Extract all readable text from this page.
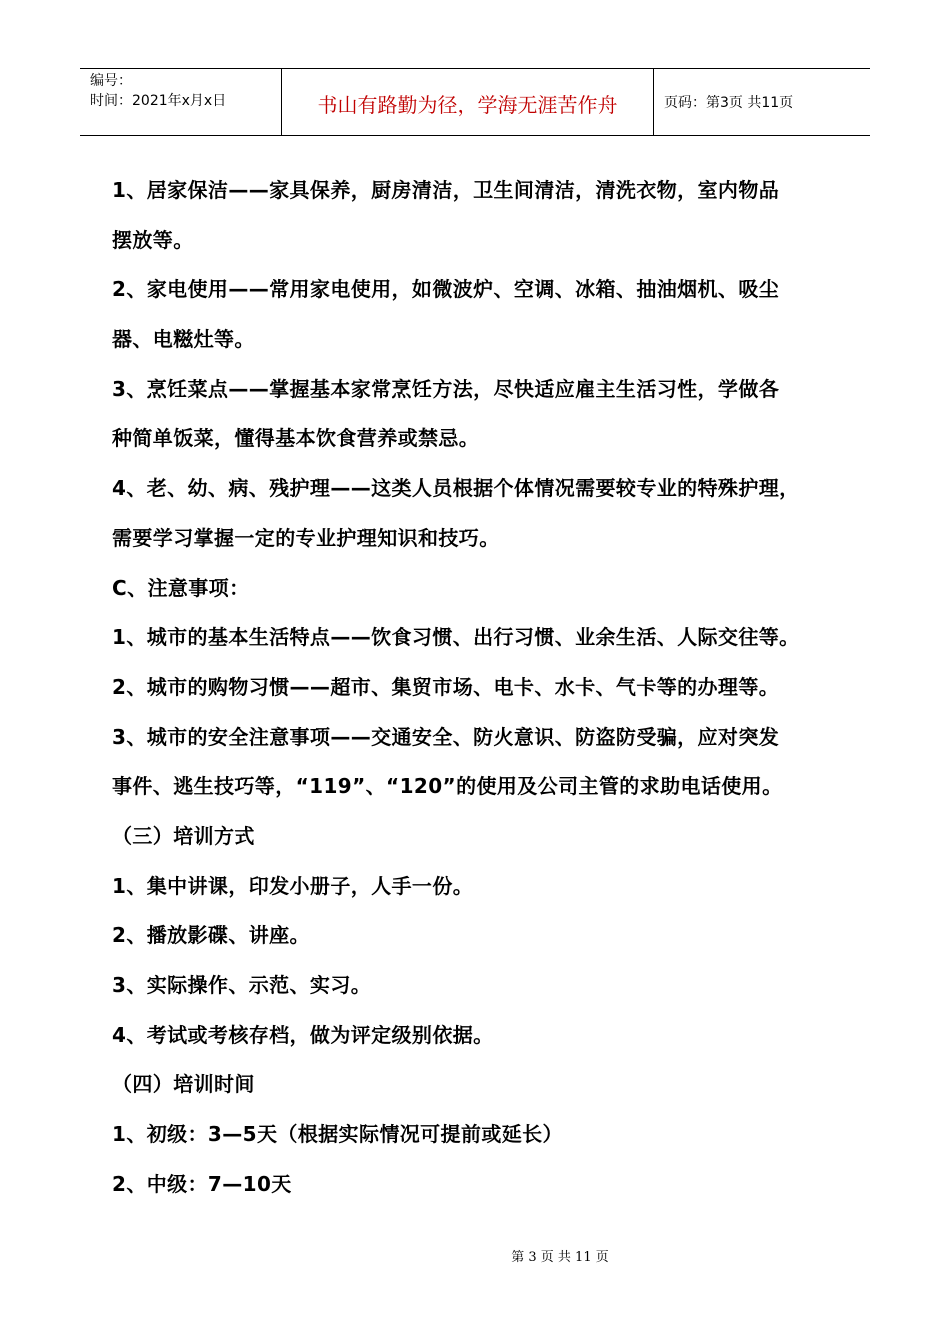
编号：
时间：2021年x月x日	书山有路勤为径，学海无涯苦作舟	页码：第3页 共11页
1、居家保洁——家具保养，厨房清洁，卫生间清洁，清洗衣物，室内物品
摆放等。
2、家电使用——常用家电使用，如微波炉、空调、冰箱、抽油烟机、吸尘
器、电糍灶等。
3、烹饪菜点——掌握基本家常烹饪方法，尽快适应雇主生活习性，学做各
种简单饭菜，懂得基本饮食营养或禁忌。
4、老、幼、病、残护理——这类人员根据个体情况需要较专业的特殊护理，
需要学习掌握一定的专业护理知识和技巧。
C、注意事项：
1、城市的基本生活特点——饮食习惯、出行习惯、业余生活、人际交往等。
2、城市的购物习惯——超市、集贸市场、电卡、水卡、气卡等的办理等。
3、城市的安全注意事项——交通安全、防火意识、防盗防受骗，应对突发
事件、逃生技巧等，“119”、“120”的使用及公司主管的求助电话使用。
（三）培训方式
1、集中讲课，印发小册子，人手一份。
2、播放影碟、讲座。
3、实际操作、示范、实习。
4、考试或考核存档，做为评定级别依据。
（四）培训时间
1、初级：3—5天（根据实际情况可提前或延长）
2、中级：7—10天
第 3 页 共 11 页
